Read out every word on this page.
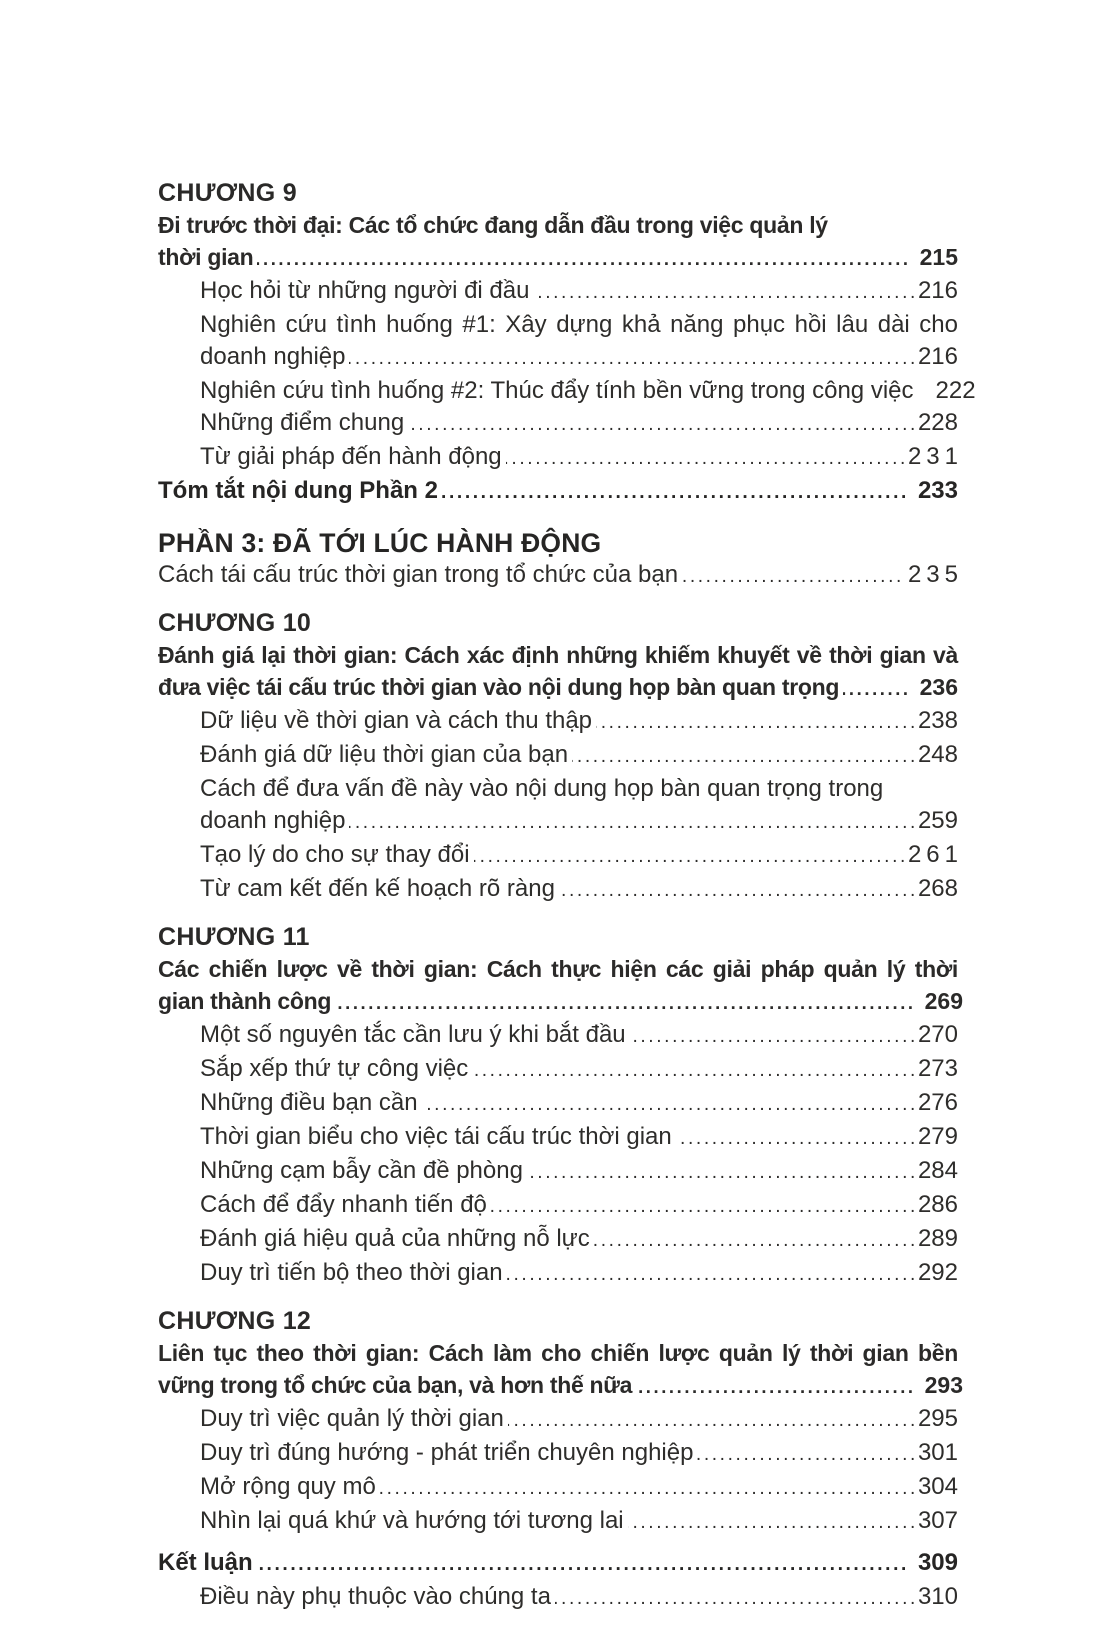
CHƯƠNG 9
Đi trước thời đại: Các tổ chức đang dẫn đầu trong việc quản lý
thời gian .....	215
Học hỏi từ những người đi đầu .....	216
Nghiên cứu tình huống #1: Xây dựng khả năng phục hồi lâu dài cho
doanh nghiệp .....	216
Nghiên cứu tình huống #2: Thúc đẩy tính bền vững trong công việc 222
Những điểm chung .....	228
Từ giải pháp đến hành động .....	231
Tóm tắt nội dung Phần 2 .....	233
PHẦN 3: ĐÃ TỚI LÚC HÀNH ĐỘNG
Cách tái cấu trúc thời gian trong tổ chức của bạn .....	235
CHƯƠNG 10
Đánh giá lại thời gian: Cách xác định những khiếm khuyết về thời gian và
đưa việc tái cấu trúc thời gian vào nội dung họp bàn quan trọng .....	236
Dữ liệu về thời gian và cách thu thập .....	238
Đánh giá dữ liệu thời gian của bạn .....	248
Cách để đưa vấn đề này vào nội dung họp bàn quan trọng trong
doanh nghiệp .....	259
Tạo lý do cho sự thay đổi .....	261
Từ cam kết đến kế hoạch rõ ràng .....	268
CHƯƠNG 11
Các chiến lược về thời gian: Cách thực hiện các giải pháp quản lý thời
gian thành công .....	269
Một số nguyên tắc cần lưu ý khi bắt đầu .....	270
Sắp xếp thứ tự công việc .....	273
Những điều bạn cần .....	276
Thời gian biểu cho việc tái cấu trúc thời gian .....	279
Những cạm bẫy cần đề phòng .....	284
Cách để đẩy nhanh tiến độ .....	286
Đánh giá hiệu quả của những nỗ lực .....	289
Duy trì tiến bộ theo thời gian .....	292
CHƯƠNG 12
Liên tục theo thời gian: Cách làm cho chiến lược quản lý thời gian bền
vững trong tổ chức của bạn, và hơn thế nữa .....	293
Duy trì việc quản lý thời gian .....	295
Duy trì đúng hướng - phát triển chuyên nghiệp .....	301
Mở rộng quy mô .....	304
Nhìn lại quá khứ và hướng tới tương lai .....	307
Kết luận .....	309
Điều này phụ thuộc vào chúng ta .....	310
